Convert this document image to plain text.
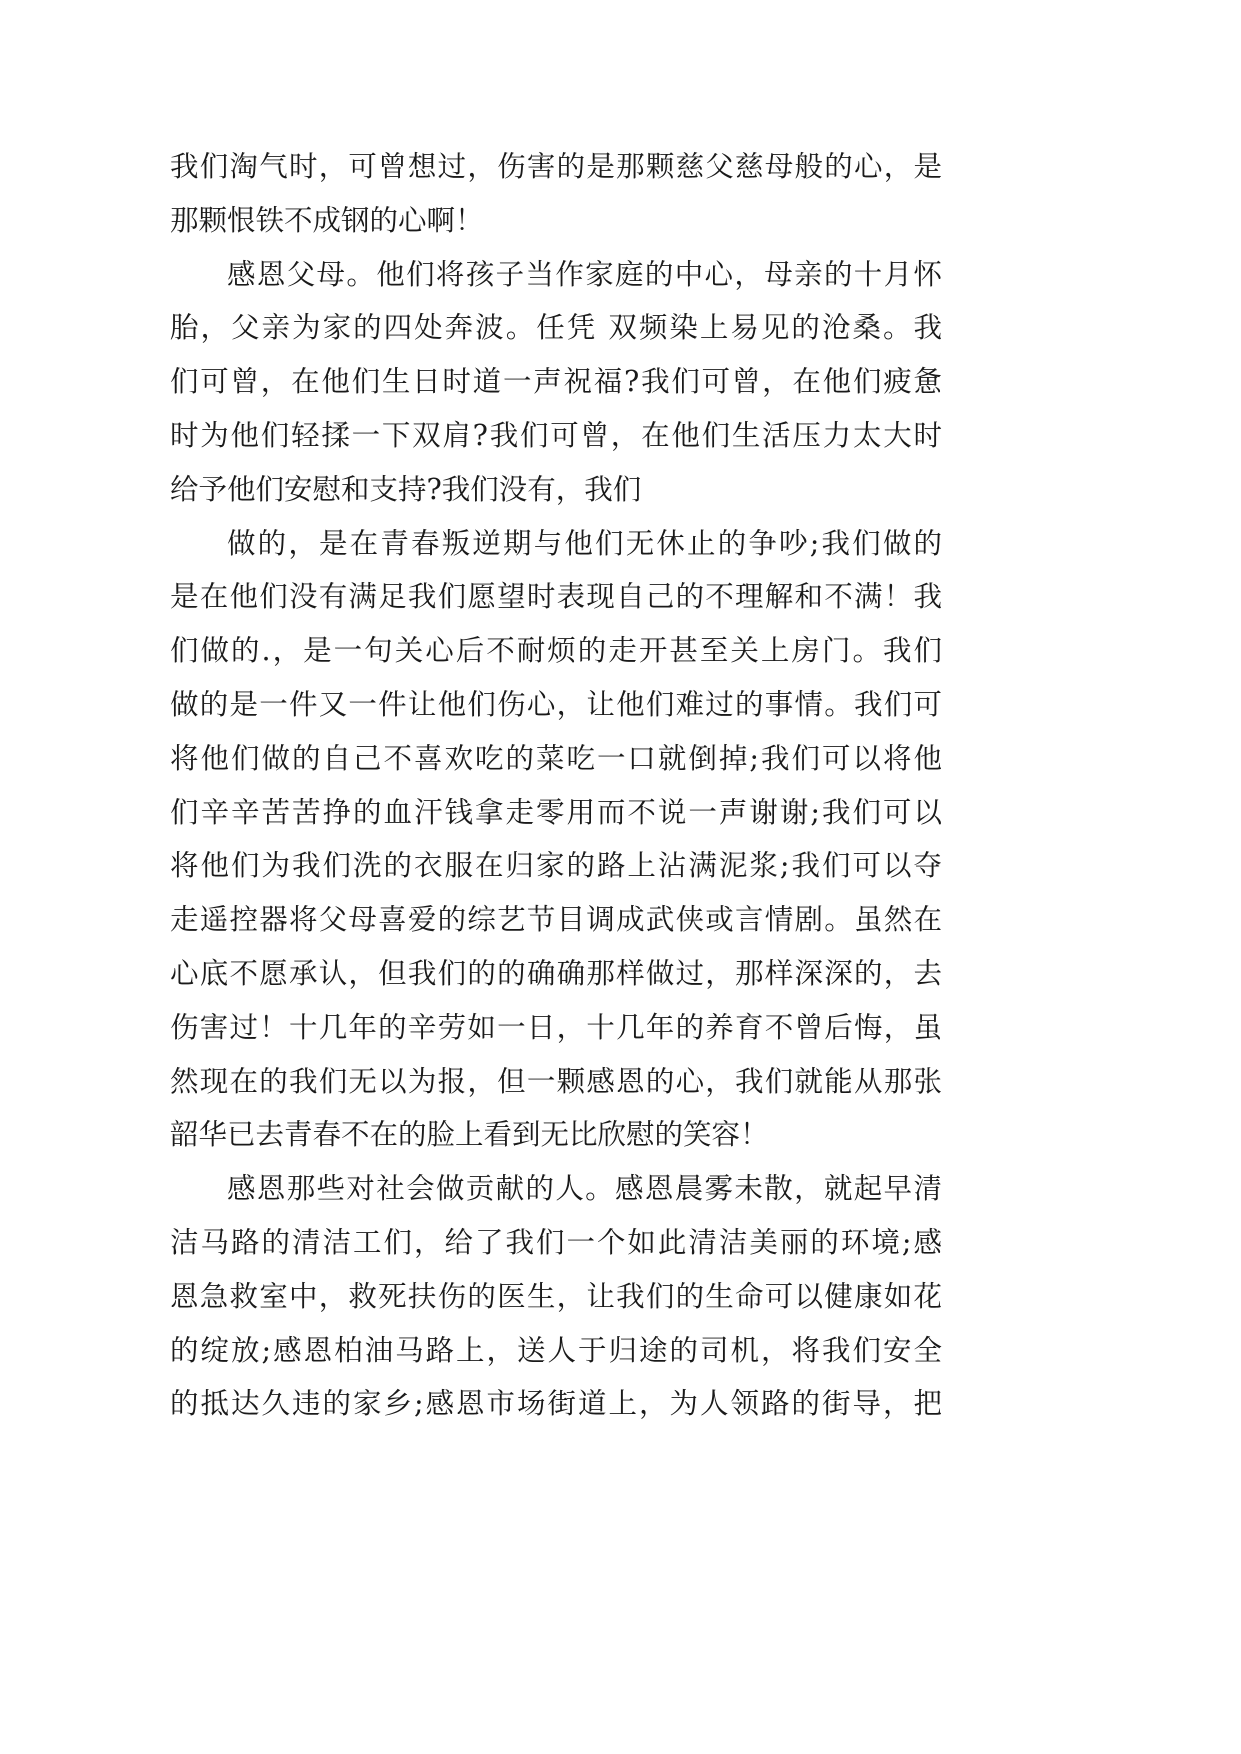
我们淘气时，可曾想过，伤害的是那颗慈父慈母般的心，是
那颗恨铁不成钢的心啊！
感恩父母。他们将孩子当作家庭的中心，母亲的十月怀
胎，父亲为家的四处奔波。任凭 双频染上易见的沧桑。我
们可曾，在他们生日时道一声祝福?我们可曾，在他们疲惫
时为他们轻揉一下双肩?我们可曾，在他们生活压力太大时
给予他们安慰和支持?我们没有，我们
做的，是在青春叛逆期与他们无休止的争吵;我们做的
是在他们没有满足我们愿望时表现自己的不理解和不满！我
们做的.，是一句关心后不耐烦的走开甚至关上房门。我们
做的是一件又一件让他们伤心，让他们难过的事情。我们可
将他们做的自己不喜欢吃的菜吃一口就倒掉;我们可以将他
们辛辛苦苦挣的血汗钱拿走零用而不说一声谢谢;我们可以
将他们为我们洗的衣服在归家的路上沾满泥浆;我们可以夺
走遥控器将父母喜爱的综艺节目调成武侠或言情剧。虽然在
心底不愿承认，但我们的的确确那样做过，那样深深的，去
伤害过！十几年的辛劳如一日，十几年的养育不曾后悔，虽
然现在的我们无以为报，但一颗感恩的心，我们就能从那张
韶华已去青春不在的脸上看到无比欣慰的笑容！
感恩那些对社会做贡献的人。感恩晨雾未散，就起早清
洁马路的清洁工们，给了我们一个如此清洁美丽的环境;感
恩急救室中，救死扶伤的医生，让我们的生命可以健康如花
的绽放;感恩柏油马路上，送人于归途的司机，将我们安全
的抵达久违的家乡;感恩市场街道上，为人领路的街导，把
